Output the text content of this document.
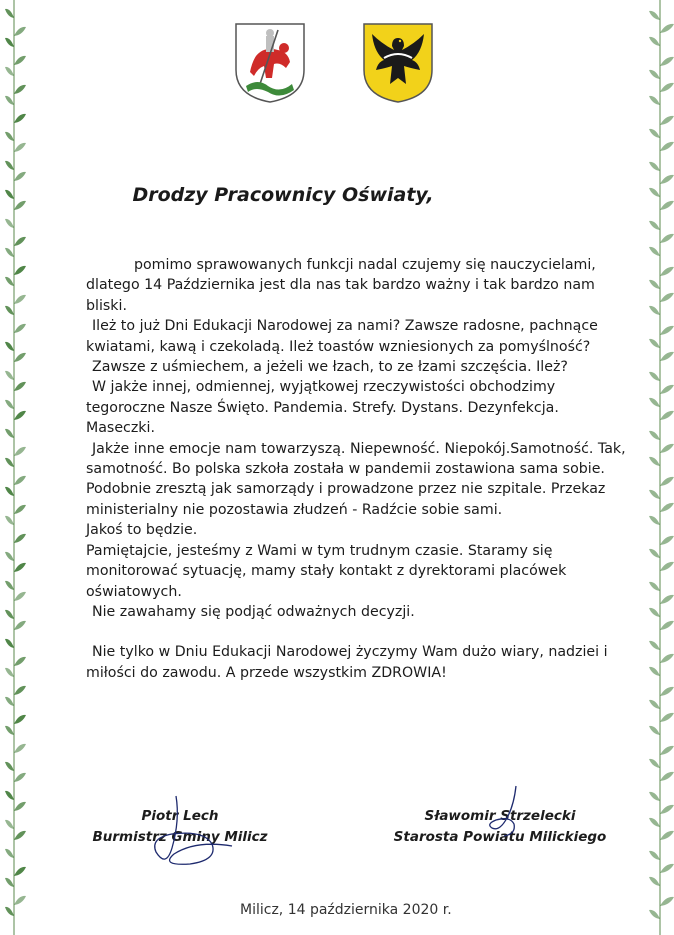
Drodzy Pracownicy Oświaty,

pomimo sprawowanych funkcji nadal czujemy się nauczycielami, dlatego 14 Października jest dla nas tak bardzo ważny i tak bardzo nam bliski.

Ileż to już Dni Edukacji Narodowej za nami? Zawsze radosne, pachnące kwiatami, kawą i czekoladą. Ileż toastów wzniesionych za pomyślność?

Zawsze z uśmiechem, a jeżeli we łzach, to ze łzami szczęścia. Ileż?

W jakże innej, odmiennej, wyjątkowej rzeczywistości obchodzimy tegoroczne Nasze Święto. Pandemia. Strefy. Dystans. Dezynfekcja. Maseczki.

Jakże inne emocje nam towarzyszą. Niepewność. Niepokój.Samotność. Tak, samotność. Bo polska szkoła została w pandemii zostawiona sama sobie. Podobnie zresztą jak samorządy i prowadzone przez nie szpitale. Przekaz ministerialny nie pozostawia złudzeń - Radźcie sobie sami.

Jakoś to będzie.

Pamiętajcie, jesteśmy z Wami w tym trudnym czasie. Staramy się monitorować sytuację, mamy stały kontakt z dyrektorami placówek oświatowych.

Nie zawahamy się podjąć odważnych decyzji.

Nie tylko w Dniu Edukacji Narodowej życzymy Wam dużo wiary, nadziei i miłości do zawodu. A przede wszystkim ZDROWIA!

Piotr Lech
Burmistrz Gminy Milicz
Sławomir Strzelecki
Starosta Powiatu Milickiego
Milicz, 14 października 2020 r.
